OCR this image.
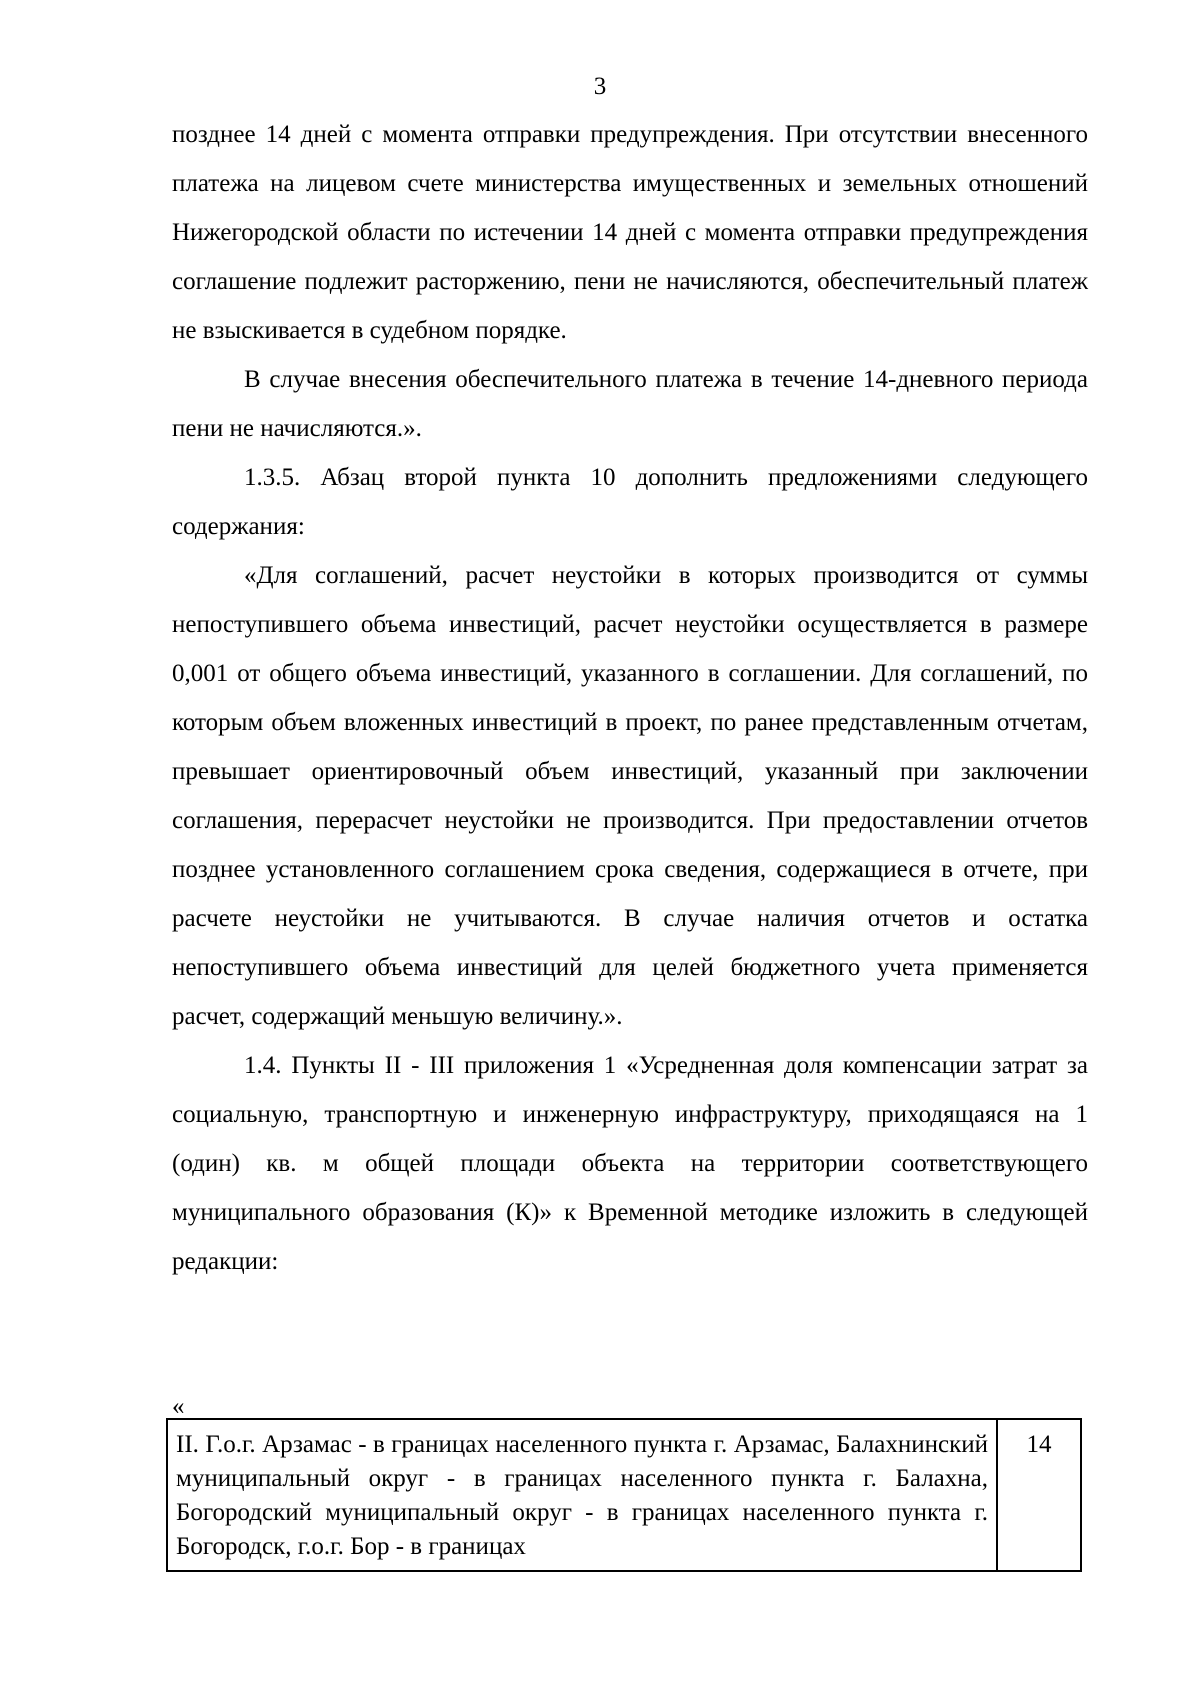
3

позднее 14 дней с момента отправки предупреждения. При отсутствии внесенного платежа на лицевом счете министерства имущественных и земельных отношений Нижегородской области по истечении 14 дней с момента отправки предупреждения соглашение подлежит расторжению, пени не начисляются, обеспечительный платеж не взыскивается в судебном порядке.

В случае внесения обеспечительного платежа в течение 14-дневного периода пени не начисляются.».

1.3.5. Абзац второй пункта 10 дополнить предложениями следующего содержания:

«Для соглашений, расчет неустойки в которых производится от суммы непоступившего объема инвестиций, расчет неустойки осуществляется в размере 0,001 от общего объема инвестиций, указанного в соглашении. Для соглашений, по которым объем вложенных инвестиций в проект, по ранее представленным отчетам, превышает ориентировочный объем инвестиций, указанный при заключении соглашения, перерасчет неустойки не производится. При предоставлении отчетов позднее установленного соглашением срока сведения, содержащиеся в отчете, при расчете неустойки не учитываются. В случае наличия отчетов и остатка непоступившего объема инвестиций для целей бюджетного учета применяется расчет, содержащий меньшую величину.».

1.4. Пункты II - III приложения 1 «Усредненная доля компенсации затрат за социальную, транспортную и инженерную инфраструктуру, приходящаяся на 1 (один) кв. м общей площади объекта на территории соответствующего муниципального образования (К)» к Временной методике изложить в следующей редакции:

«
II. Г.о.г. Арзамас - в границах населенного пункта г. Арзамас, Балахнинский муниципальный округ - в границах населенного пункта г. Балахна, Богородский муниципальный округ - в границах населенного пункта г. Богородск, г.о.г. Бор - в границах
14
